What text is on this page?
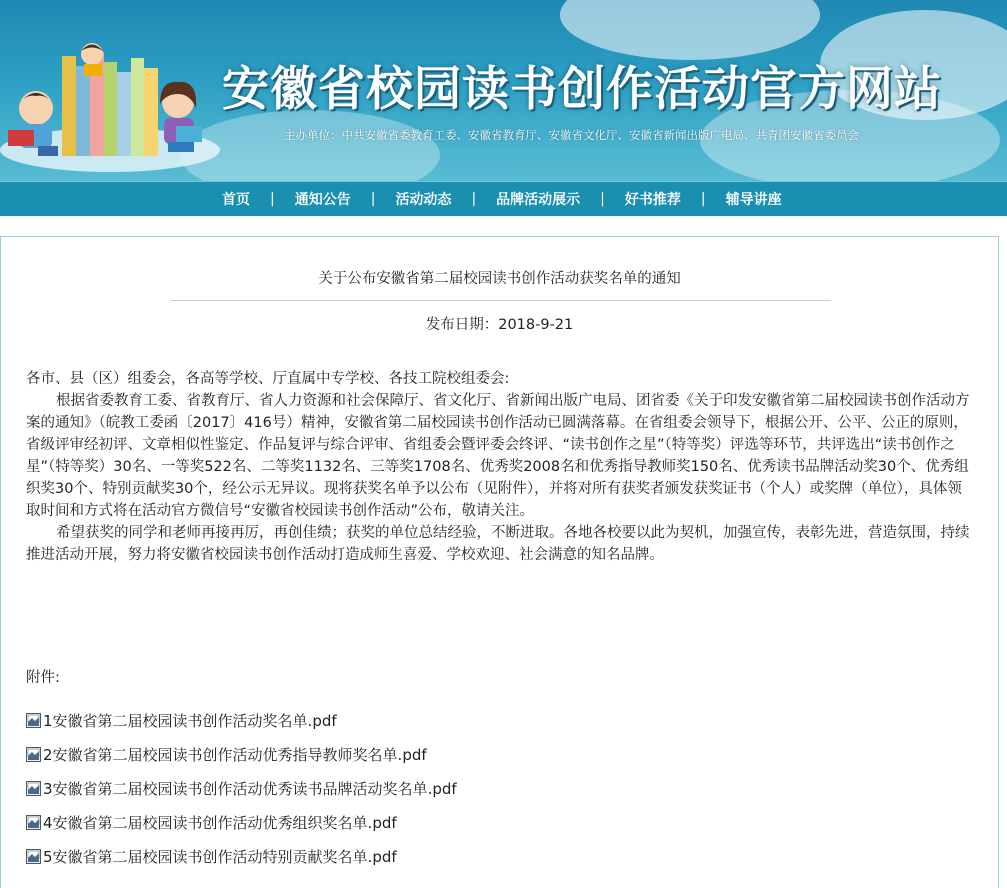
安徽省校园读书创作活动官方网站
主办单位：中共安徽省委教育工委、安徽省教育厅、安徽省文化厅、安徽省新闻出版广电局、共青团安徽省委员会
首页 | 通知公告 | 活动动态 | 品牌活动展示 | 好书推荐 | 辅导讲座
关于公布安徽省第二届校园读书创作活动获奖名单的通知
发布日期：2018-9-21

各市、县（区）组委会，各高等学校、厅直属中专学校、各技工院校组委会:

根据省委教育工委、省教育厅、省人力资源和社会保障厅、省文化厅、省新闻出版广电局、团省委《关于印发安徽省第二届校园读书创作活动方案的通知》（皖教工委函〔2017〕416号）精神，安徽省第二届校园读书创作活动已圆满落幕。在省组委会领导下，根据公开、公平、公正的原则，省级评审经初评、文章相似性鉴定、作品复评与综合评审、省组委会暨评委会终评、“读书创作之星”（特等奖）评选等环节，共评选出“读书创作之星”（特等奖）30名、一等奖522名、二等奖1132名、三等奖1708名、优秀奖2008名和优秀指导教师奖150名、优秀读书品牌活动奖30个、优秀组织奖30个、特别贡献奖30个，经公示无异议。现将获奖名单予以公布（见附件），并将对所有获奖者颁发获奖证书（个人）或奖牌（单位），具体领取时间和方式将在活动官方微信号“安徽省校园读书创作活动”公布，敬请关注。

希望获奖的同学和老师再接再厉，再创佳绩；获奖的单位总结经验，不断进取。各地各校要以此为契机，加强宣传，表彰先进，营造氛围，持续推进活动开展，努力将安徽省校园读书创作活动打造成师生喜爱、学校欢迎、社会满意的知名品牌。

附件:
1安徽省第二届校园读书创作活动奖名单.pdf
2安徽省第二届校园读书创作活动优秀指导教师奖名单.pdf
3安徽省第二届校园读书创作活动优秀读书品牌活动奖名单.pdf
4安徽省第二届校园读书创作活动优秀组织奖名单.pdf
5安徽省第二届校园读书创作活动特别贡献奖名单.pdf
